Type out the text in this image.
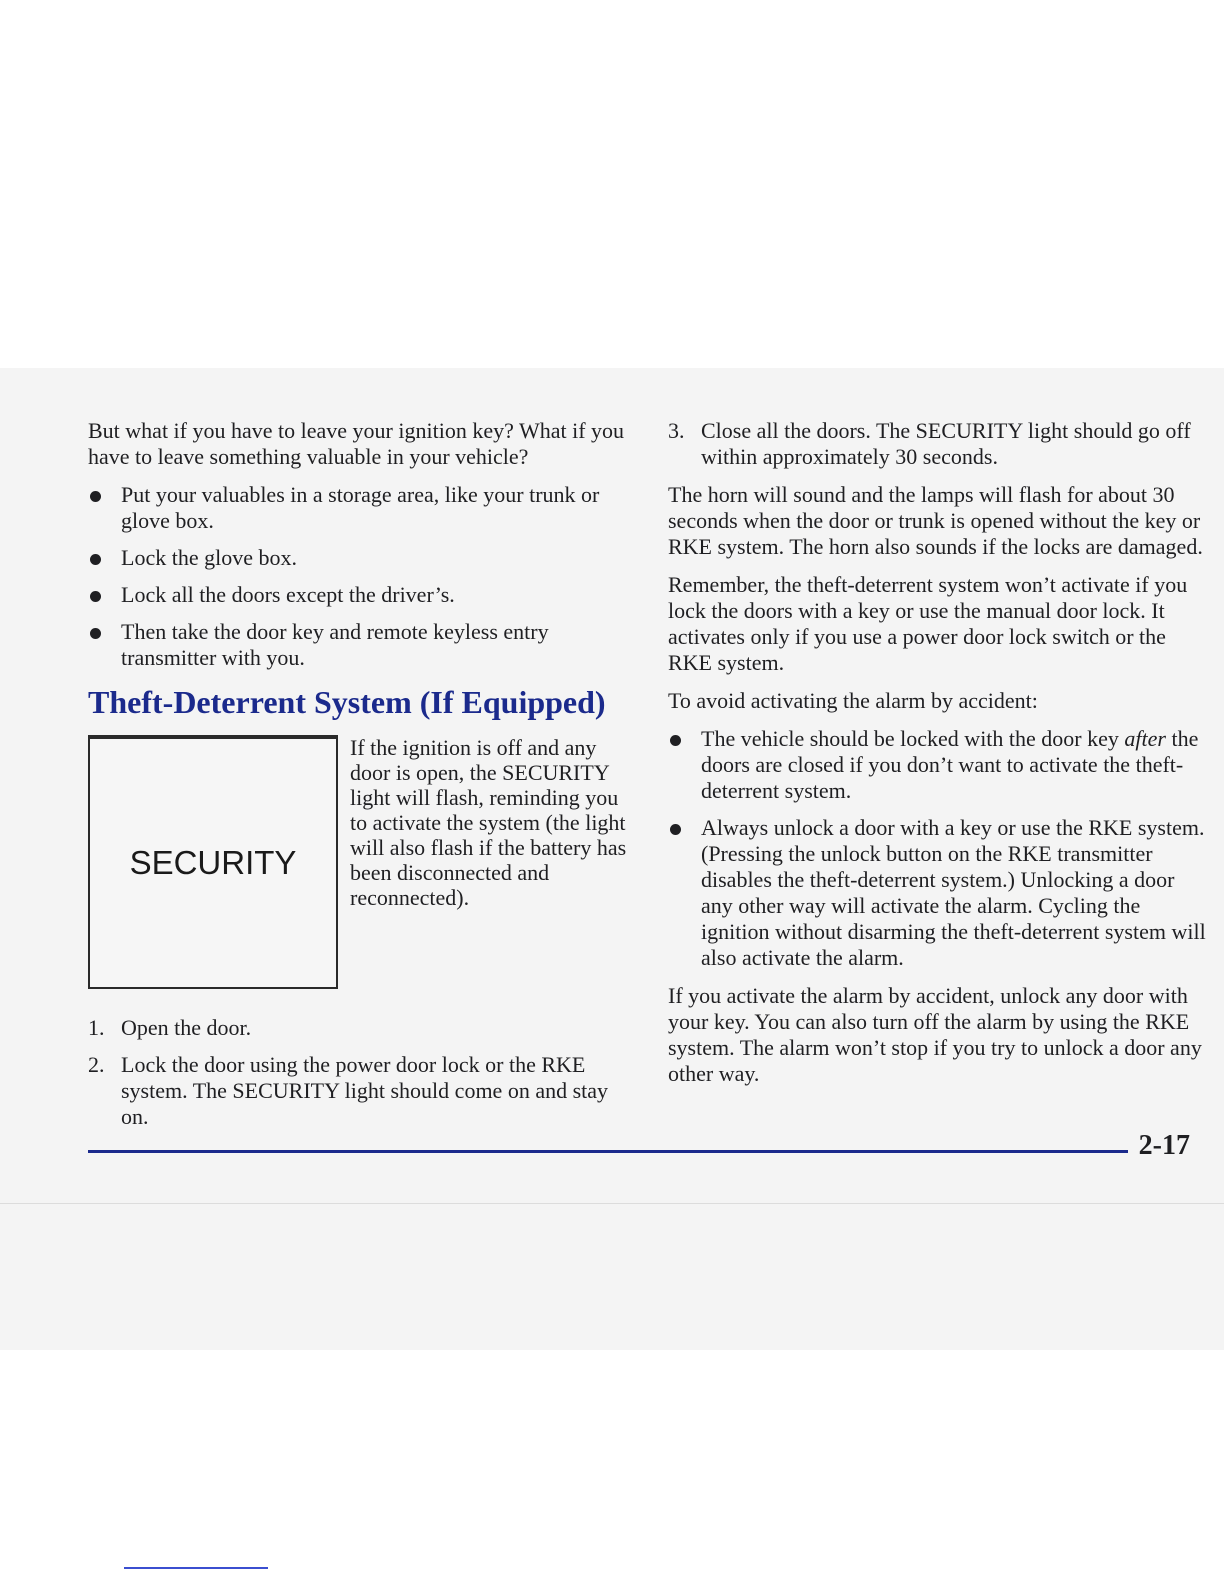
But what if you have to leave your ignition key? What if you have to leave something valuable in your vehicle?

Put your valuables in a storage area, like your trunk or glove box.
Lock the glove box.
Lock all the doors except the driver’s.
Then take the door key and remote keyless entry transmitter with you.
Theft-Deterrent System (If Equipped)
SECURITY

If the ignition is off and any door is open, the SECURITY light will flash, reminding you to activate the system (the light will also flash if the battery has been disconnected and reconnected).

1. Open the door.
2. Lock the door using the power door lock or the RKE system. The SECURITY light should come on and stay on.
3. Close all the doors. The SECURITY light should go off within approximately 30 seconds.

The horn will sound and the lamps will flash for about 30 seconds when the door or trunk is opened without the key or RKE system. The horn also sounds if the locks are damaged.

Remember, the theft-deterrent system won’t activate if you lock the doors with a key or use the manual door lock. It activates only if you use a power door lock switch or the RKE system.

To avoid activating the alarm by accident:

The vehicle should be locked with the door key after the doors are closed if you don’t want to activate the theft-deterrent system.
Always unlock a door with a key or use the RKE system. (Pressing the unlock button on the RKE transmitter disables the theft-deterrent system.) Unlocking a door any other way will activate the alarm. Cycling the ignition without disarming the theft-deterrent system will also activate the alarm.

If you activate the alarm by accident, unlock any door with your key. You can also turn off the alarm by using the RKE system. The alarm won’t stop if you try to unlock a door any other way.

2-17
